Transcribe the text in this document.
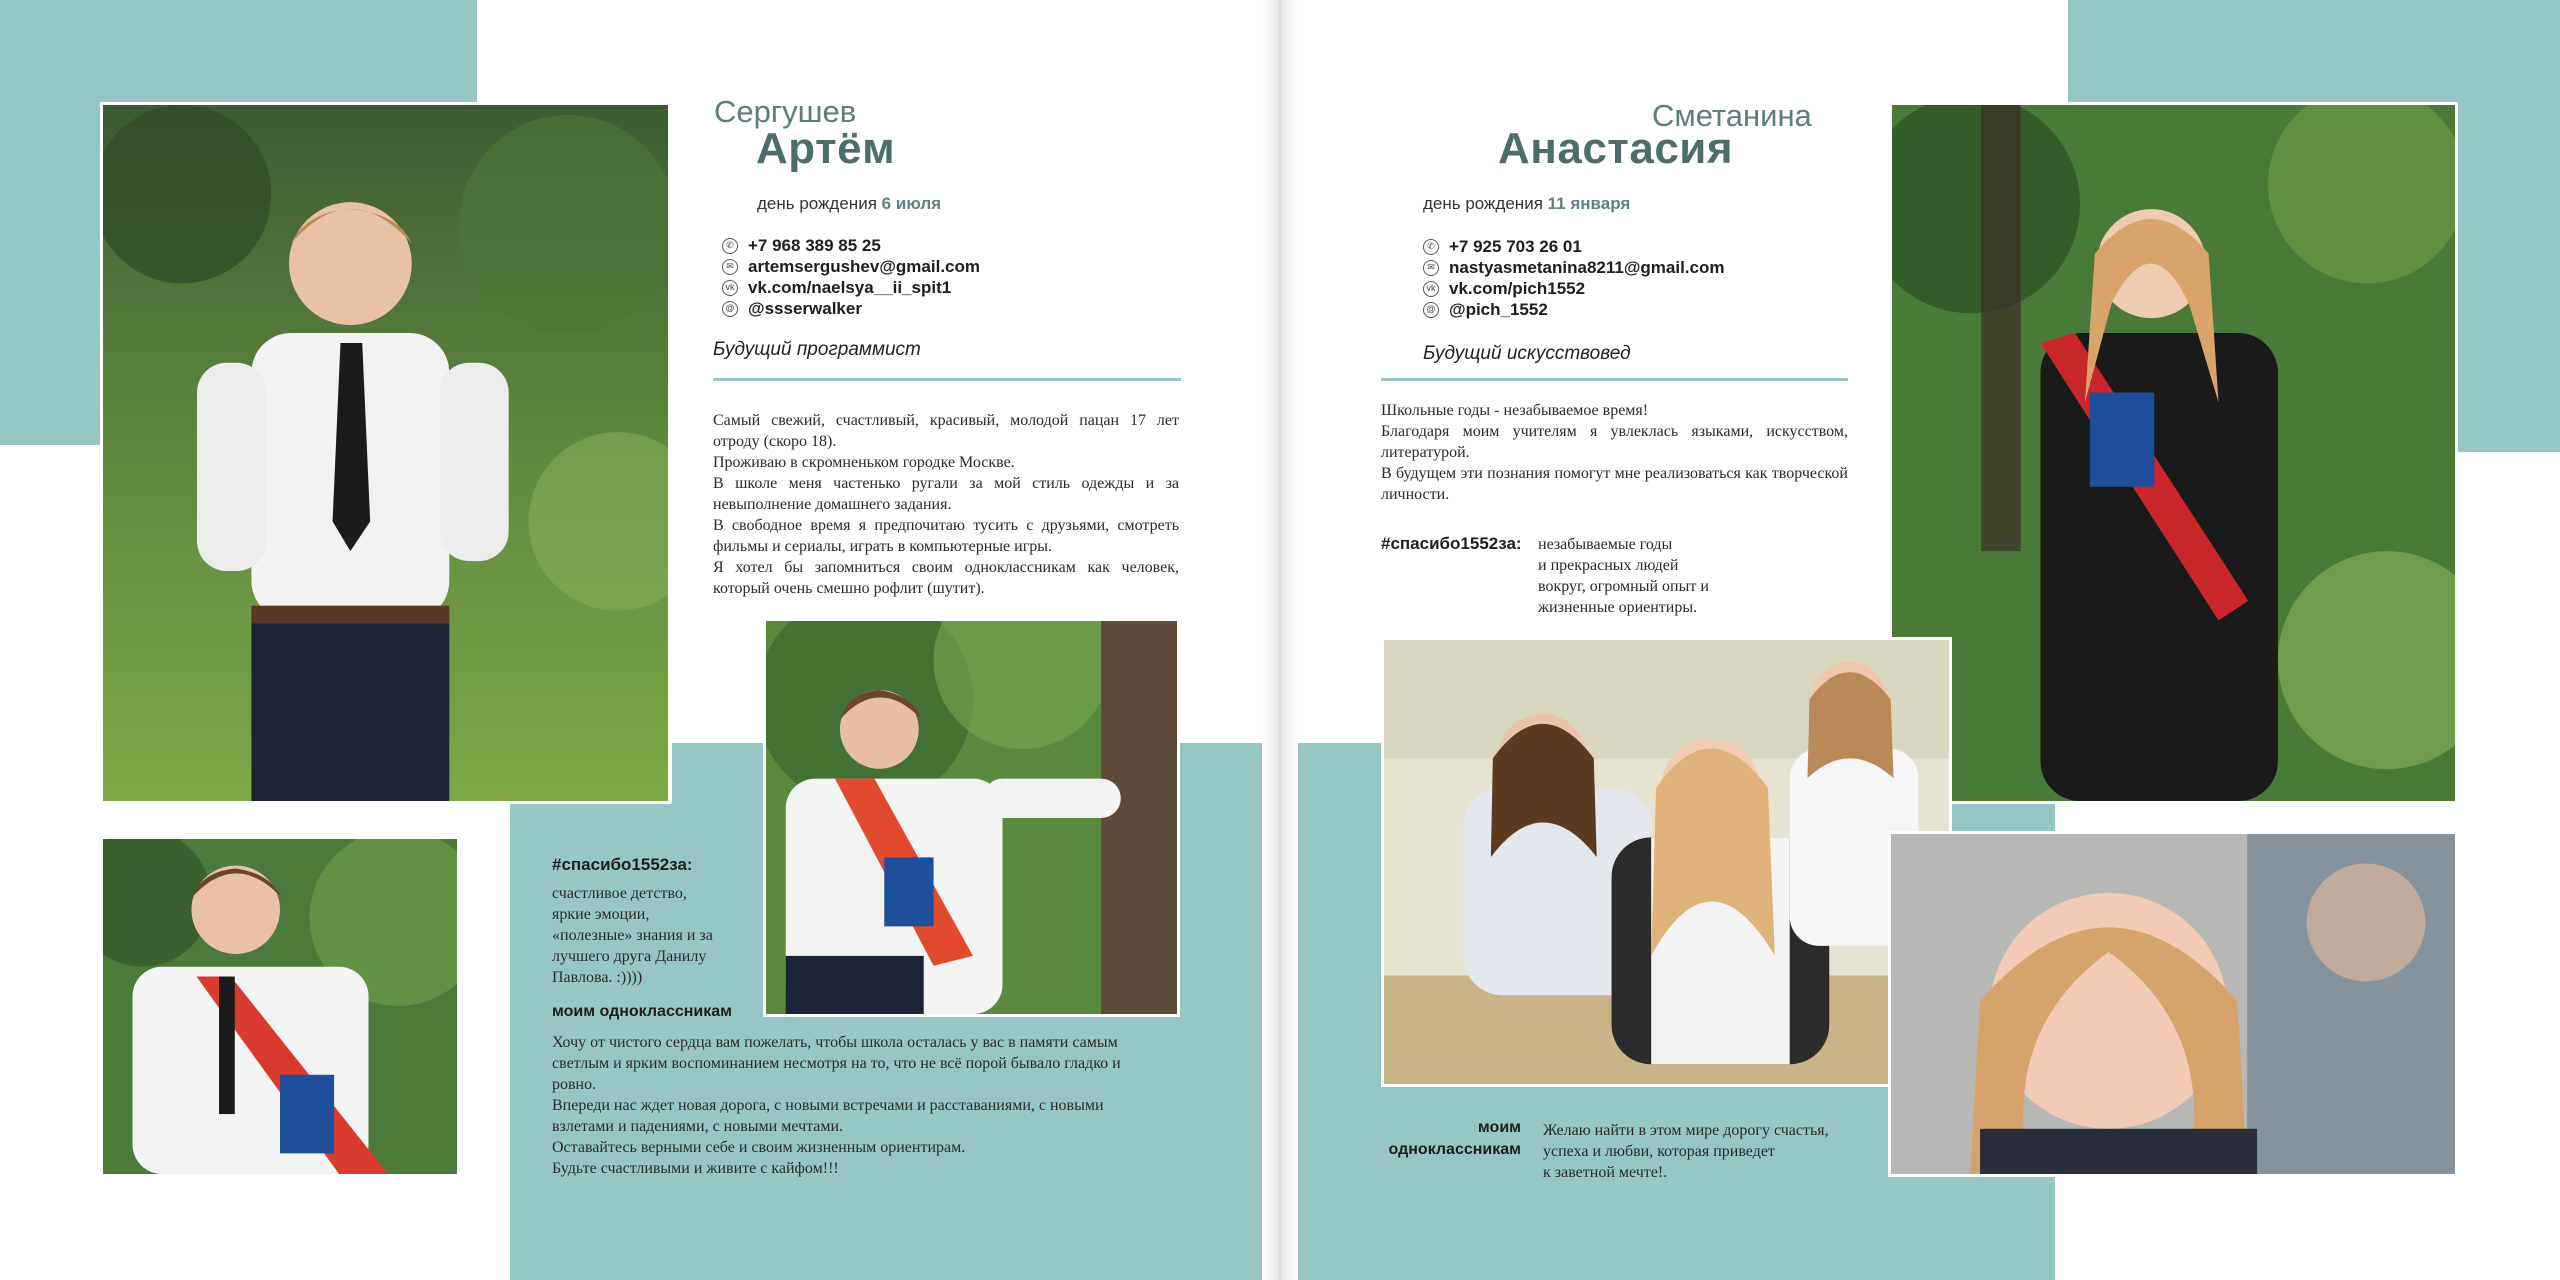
Сергушев
Артём
день рождения 6 июля
✆ +7 968 389 85 25
✉ artemsergushev@gmail.com
vk vk.com/naelsya__ii_spit1
@ @ssserwalker
Будущий программист

Самый свежий, счастливый, красивый, молодой пацан 17 лет отроду (скоро 18).

Проживаю в скромненьком городке Москве.

В школе меня частенько ругали за мой стиль одежды и за невыполнение домашнего задания.

В свободное время я предпочитаю тусить с друзьями, смотреть фильмы и сериалы, играть в компьютерные игры.

Я хотел бы запомниться своим одноклассникам как человек, который очень смешно рофлит (шутит).

#спасибо1552за:

счастливое детство,

яркие эмоции,

«полезные» знания и за

лучшего друга Данилу

Павлова. :))))

моим одноклассникам

Хочу от чистого сердца вам пожелать, чтобы школа осталась у вас в памяти самым светлым и ярким воспоминанием несмотря на то, что не всё порой бывало гладко и ровно.

Впереди нас ждет новая дорога, с новыми встречами и расставаниями, с новыми взлетами и падениями, с новыми мечтами.

Оставайтесь верными себе и своим жизненным ориентирам.

Будьте счастливыми и живите с кайфом!!!

Сметанина
Анастасия
день рождения 11 января
✆ +7 925 703 26 01
✉ nastyasmetanina8211@gmail.com
vk vk.com/pich1552
@ @pich_1552
Будущий искусствовед

Школьные годы - незабываемое время!

Благодаря моим учителям я увлеклась языками, искусством, литературой.

В будущем эти познания помогут мне реализоваться как творческой личности.

#спасибо1552за: незабываемые годы

и прекрасных людей

вокруг, огромный опыт и

жизненные ориентиры.

моим
одноклассникам

Желаю найти в этом мире дорогу счастья,

успеха и любви, которая приведет

к заветной мечте!.
